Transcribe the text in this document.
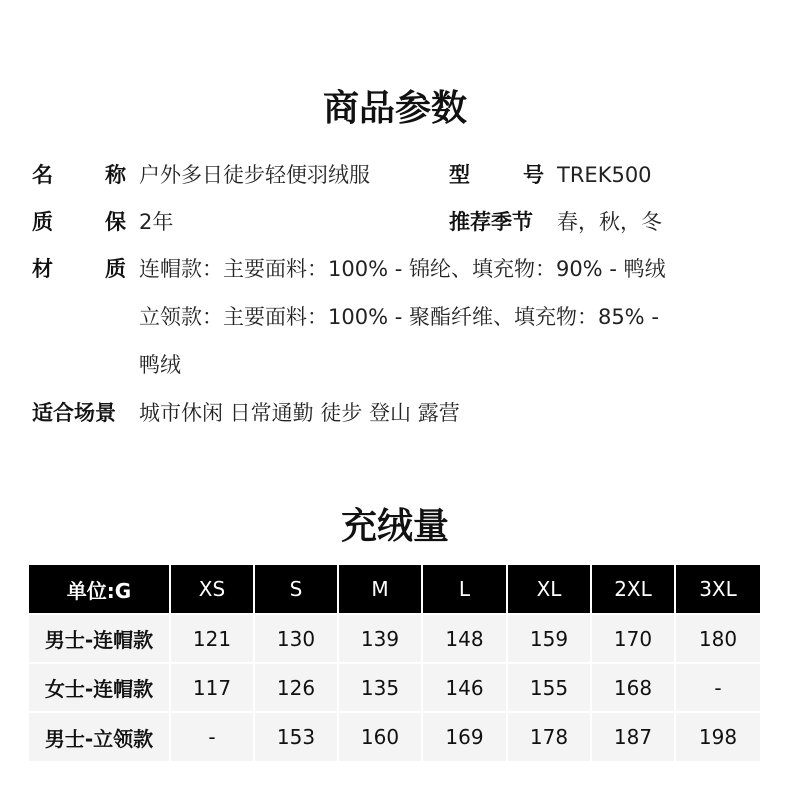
商品参数
名 称 户外多日徒步轻便羽绒服	型	号 TREK500
质 保 2年	推荐季节 春，秋，冬
材 质 连帽款：主要面料：100% - 锦纶、填充物：90% - 鸭绒
立领款：主要面料：100% - 聚酯纤维、填充物：85% -
鸭绒
适合场景 城市休闲 日常通勤 徒步 登山 露营
充绒量
单位:G	XS	S	M	L	XL	2XL	3XL
男士-连帽款	121	130	139	148	159	170	180
女士-连帽款	117	126	135	146	155	168	-
男士-立领款	-	153	160	169	178	187	198
